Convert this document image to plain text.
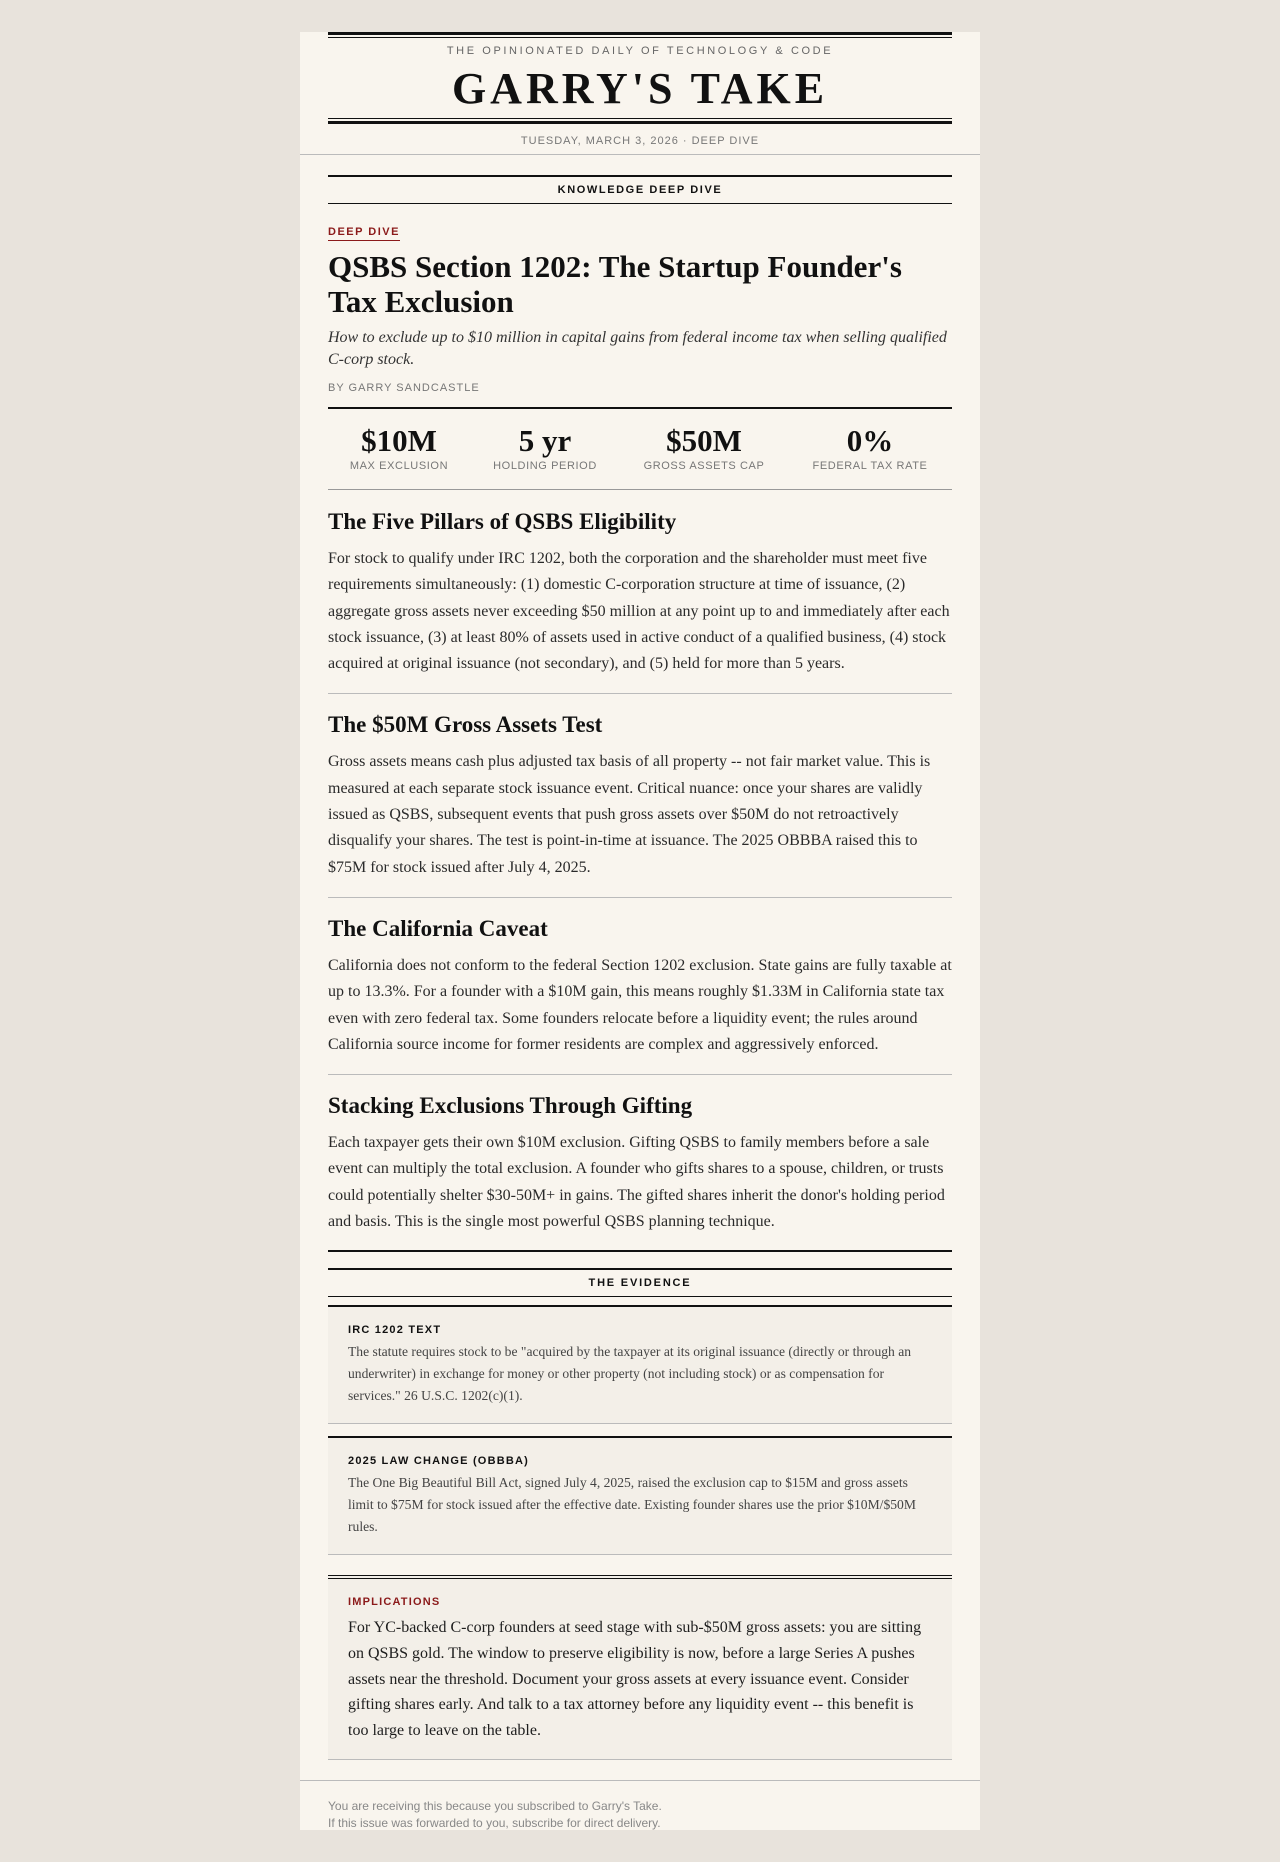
THE OPINIONATED DAILY OF TECHNOLOGY & CODE
GARRY'S TAKE
TUESDAY, MARCH 3, 2026 · DEEP DIVE
KNOWLEDGE DEEP DIVE
DEEP DIVE
QSBS Section 1202: The Startup Founder's Tax Exclusion
How to exclude up to $10 million in capital gains from federal income tax when selling qualified C-corp stock.
BY GARRY SANDCASTLE
$10M
MAX EXCLUSION
5 yr
HOLDING PERIOD
$50M
GROSS ASSETS CAP
0%
FEDERAL TAX RATE
The Five Pillars of QSBS Eligibility

For stock to qualify under IRC 1202, both the corporation and the shareholder must meet five requirements simultaneously: (1) domestic C-corporation structure at time of issuance, (2) aggregate gross assets never exceeding $50 million at any point up to and immediately after each stock issuance, (3) at least 80% of assets used in active conduct of a qualified business, (4) stock acquired at original issuance (not secondary), and (5) held for more than 5 years.

The $50M Gross Assets Test

Gross assets means cash plus adjusted tax basis of all property -- not fair market value. This is measured at each separate stock issuance event. Critical nuance: once your shares are validly issued as QSBS, subsequent events that push gross assets over $50M do not retroactively disqualify your shares. The test is point-in-time at issuance. The 2025 OBBBA raised this to $75M for stock issued after July 4, 2025.

The California Caveat

California does not conform to the federal Section 1202 exclusion. State gains are fully taxable at up to 13.3%. For a founder with a $10M gain, this means roughly $1.33M in California state tax even with zero federal tax. Some founders relocate before a liquidity event; the rules around California source income for former residents are complex and aggressively enforced.

Stacking Exclusions Through Gifting

Each taxpayer gets their own $10M exclusion. Gifting QSBS to family members before a sale event can multiply the total exclusion. A founder who gifts shares to a spouse, children, or trusts could potentially shelter $30-50M+ in gains. The gifted shares inherit the donor's holding period and basis. This is the single most powerful QSBS planning technique.

THE EVIDENCE
IRC 1202 TEXT
The statute requires stock to be "acquired by the taxpayer at its original issuance (directly or through an underwriter) in exchange for money or other property (not including stock) or as compensation for services." 26 U.S.C. 1202(c)(1).
2025 LAW CHANGE (OBBBA)
The One Big Beautiful Bill Act, signed July 4, 2025, raised the exclusion cap to $15M and gross assets limit to $75M for stock issued after the effective date. Existing founder shares use the prior $10M/$50M rules.
IMPLICATIONS
For YC-backed C-corp founders at seed stage with sub-$50M gross assets: you are sitting on QSBS gold. The window to preserve eligibility is now, before a large Series A pushes assets near the threshold. Document your gross assets at every issuance event. Consider gifting shares early. And talk to a tax attorney before any liquidity event -- this benefit is too large to leave on the table.
You are receiving this because you subscribed to Garry's Take.
If this issue was forwarded to you, subscribe for direct delivery.
